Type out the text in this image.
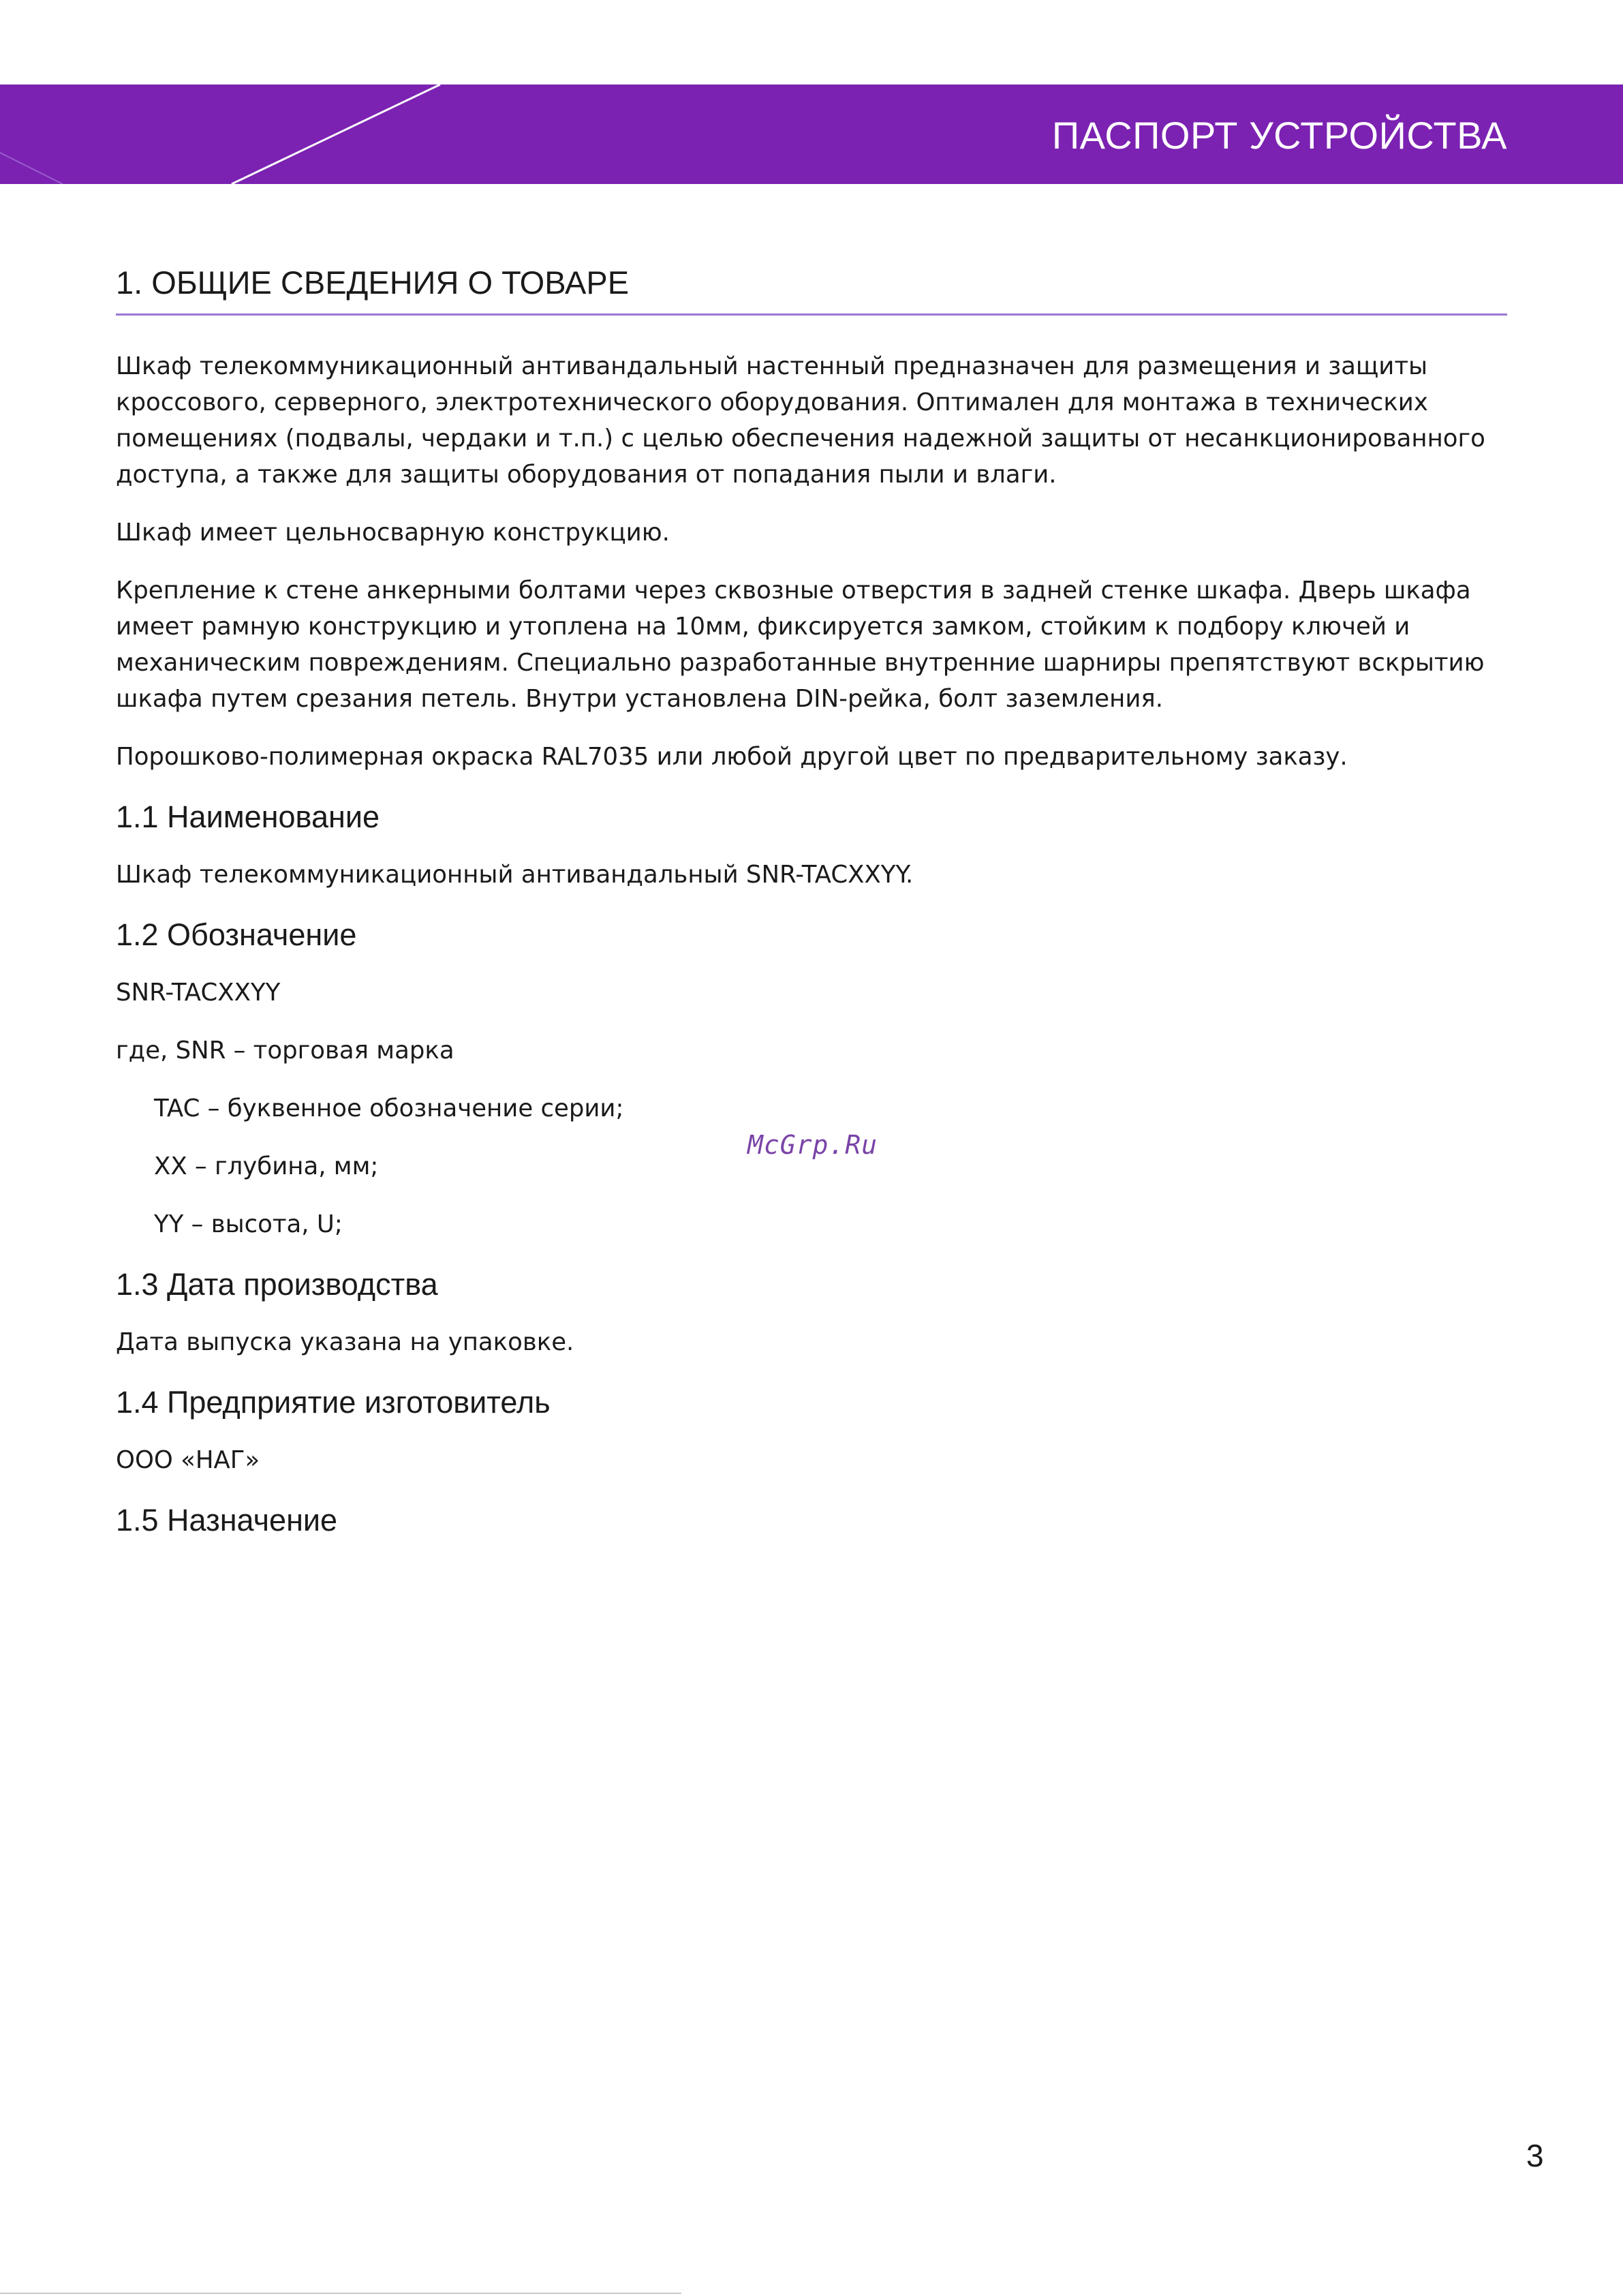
ПАСПОРТ УСТРОЙСТВА
1. ОБЩИЕ СВЕДЕНИЯ О ТОВАРЕ

Шкаф телекоммуникационный антивандальный настенный предназначен для размещения и защиты
кроссового, серверного, электротехнического оборудования. Оптимален для монтажа в технических
помещениях (подвалы, чердаки и т.п.) с целью обеспечения надежной защиты от несанкционированного
доступа, а также для защиты оборудования от попадания пыли и влаги.

Шкаф имеет цельносварную конструкцию.

Крепление к стене анкерными болтами через сквозные отверстия в задней стенке шкафа. Дверь шкафа
имеет рамную конструкцию и утоплена на 10мм, фиксируется замком, стойким к подбору ключей и
механическим повреждениям. Специально разработанные внутренние шарниры препятствуют вскрытию
шкафа путем срезания петель. Внутри установлена DIN-рейка, болт заземления.

Порошково-полимерная окраска RAL7035 или любой другой цвет по предварительному заказу.

1.1 Наименование

Шкаф телекоммуникационный антивандальный SNR-TACXXYY.

1.2 Обозначение

SNR-TACXXYY

где, SNR – торговая марка

TAC – буквенное обозначение серии;

XX – глубина, мм;

YY – высота, U;

1.3 Дата производства

Дата выпуска указана на упаковке.

1.4 Предприятие изготовитель

ООО «НАГ»

1.5 Назначение
McGrp.Ru
3
